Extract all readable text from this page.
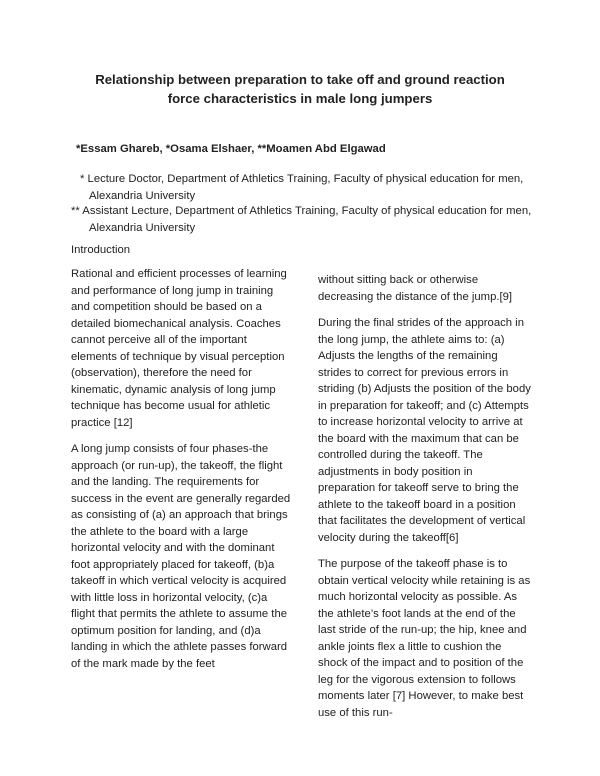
Relationship between preparation to take off and ground reaction
force characteristics in male long jumpers

*Essam Ghareb, *Osama Elshaer, **Moamen Abd Elgawad

* Lecture Doctor, Department of Athletics Training, Faculty of physical education for men, Alexandria University

** Assistant Lecture, Department of Athletics Training, Faculty of physical education for men, Alexandria University

Introduction

Rational and efficient processes of learning and performance of long jump in training and competition should be based on a detailed biomechanical analysis. Coaches cannot perceive all of the important elements of technique by visual perception (observation), therefore the need for kinematic, dynamic analysis of long jump technique has become usual for athletic practice [12]

A long jump consists of four phases-the approach (or run-up), the takeoff, the flight and the landing. The requirements for success in the event are generally regarded as consisting of (a) an approach that brings the athlete to the board with a large horizontal velocity and with the dominant foot appropriately placed for takeoff, (b)a takeoff in which vertical velocity is acquired with little loss in horizontal velocity, (c)a flight that permits the athlete to assume the optimum position for landing, and (d)a landing in which the athlete passes forward of the mark made by the feet

without sitting back or otherwise decreasing the distance of the jump.[9]

During the final strides of the approach in the long jump, the athlete aims to: (a) Adjusts the lengths of the remaining strides to correct for previous errors in striding (b) Adjusts the position of the body in preparation for takeoff; and (c) Attempts to increase horizontal velocity to arrive at the board with the maximum that can be controlled during the takeoff. The adjustments in body position in preparation for takeoff serve to bring the athlete to the takeoff board in a position that facilitates the development of vertical velocity during the takeoff[6]

The purpose of the takeoff phase is to obtain vertical velocity while retaining is as much horizontal velocity as possible. As the athlete’s foot lands at the end of the last stride of the run-up; the hip, knee and ankle joints flex a little to cushion the shock of the impact and to position of the leg for the vigorous extension to follows moments later [7] However, to make best use of this run-
